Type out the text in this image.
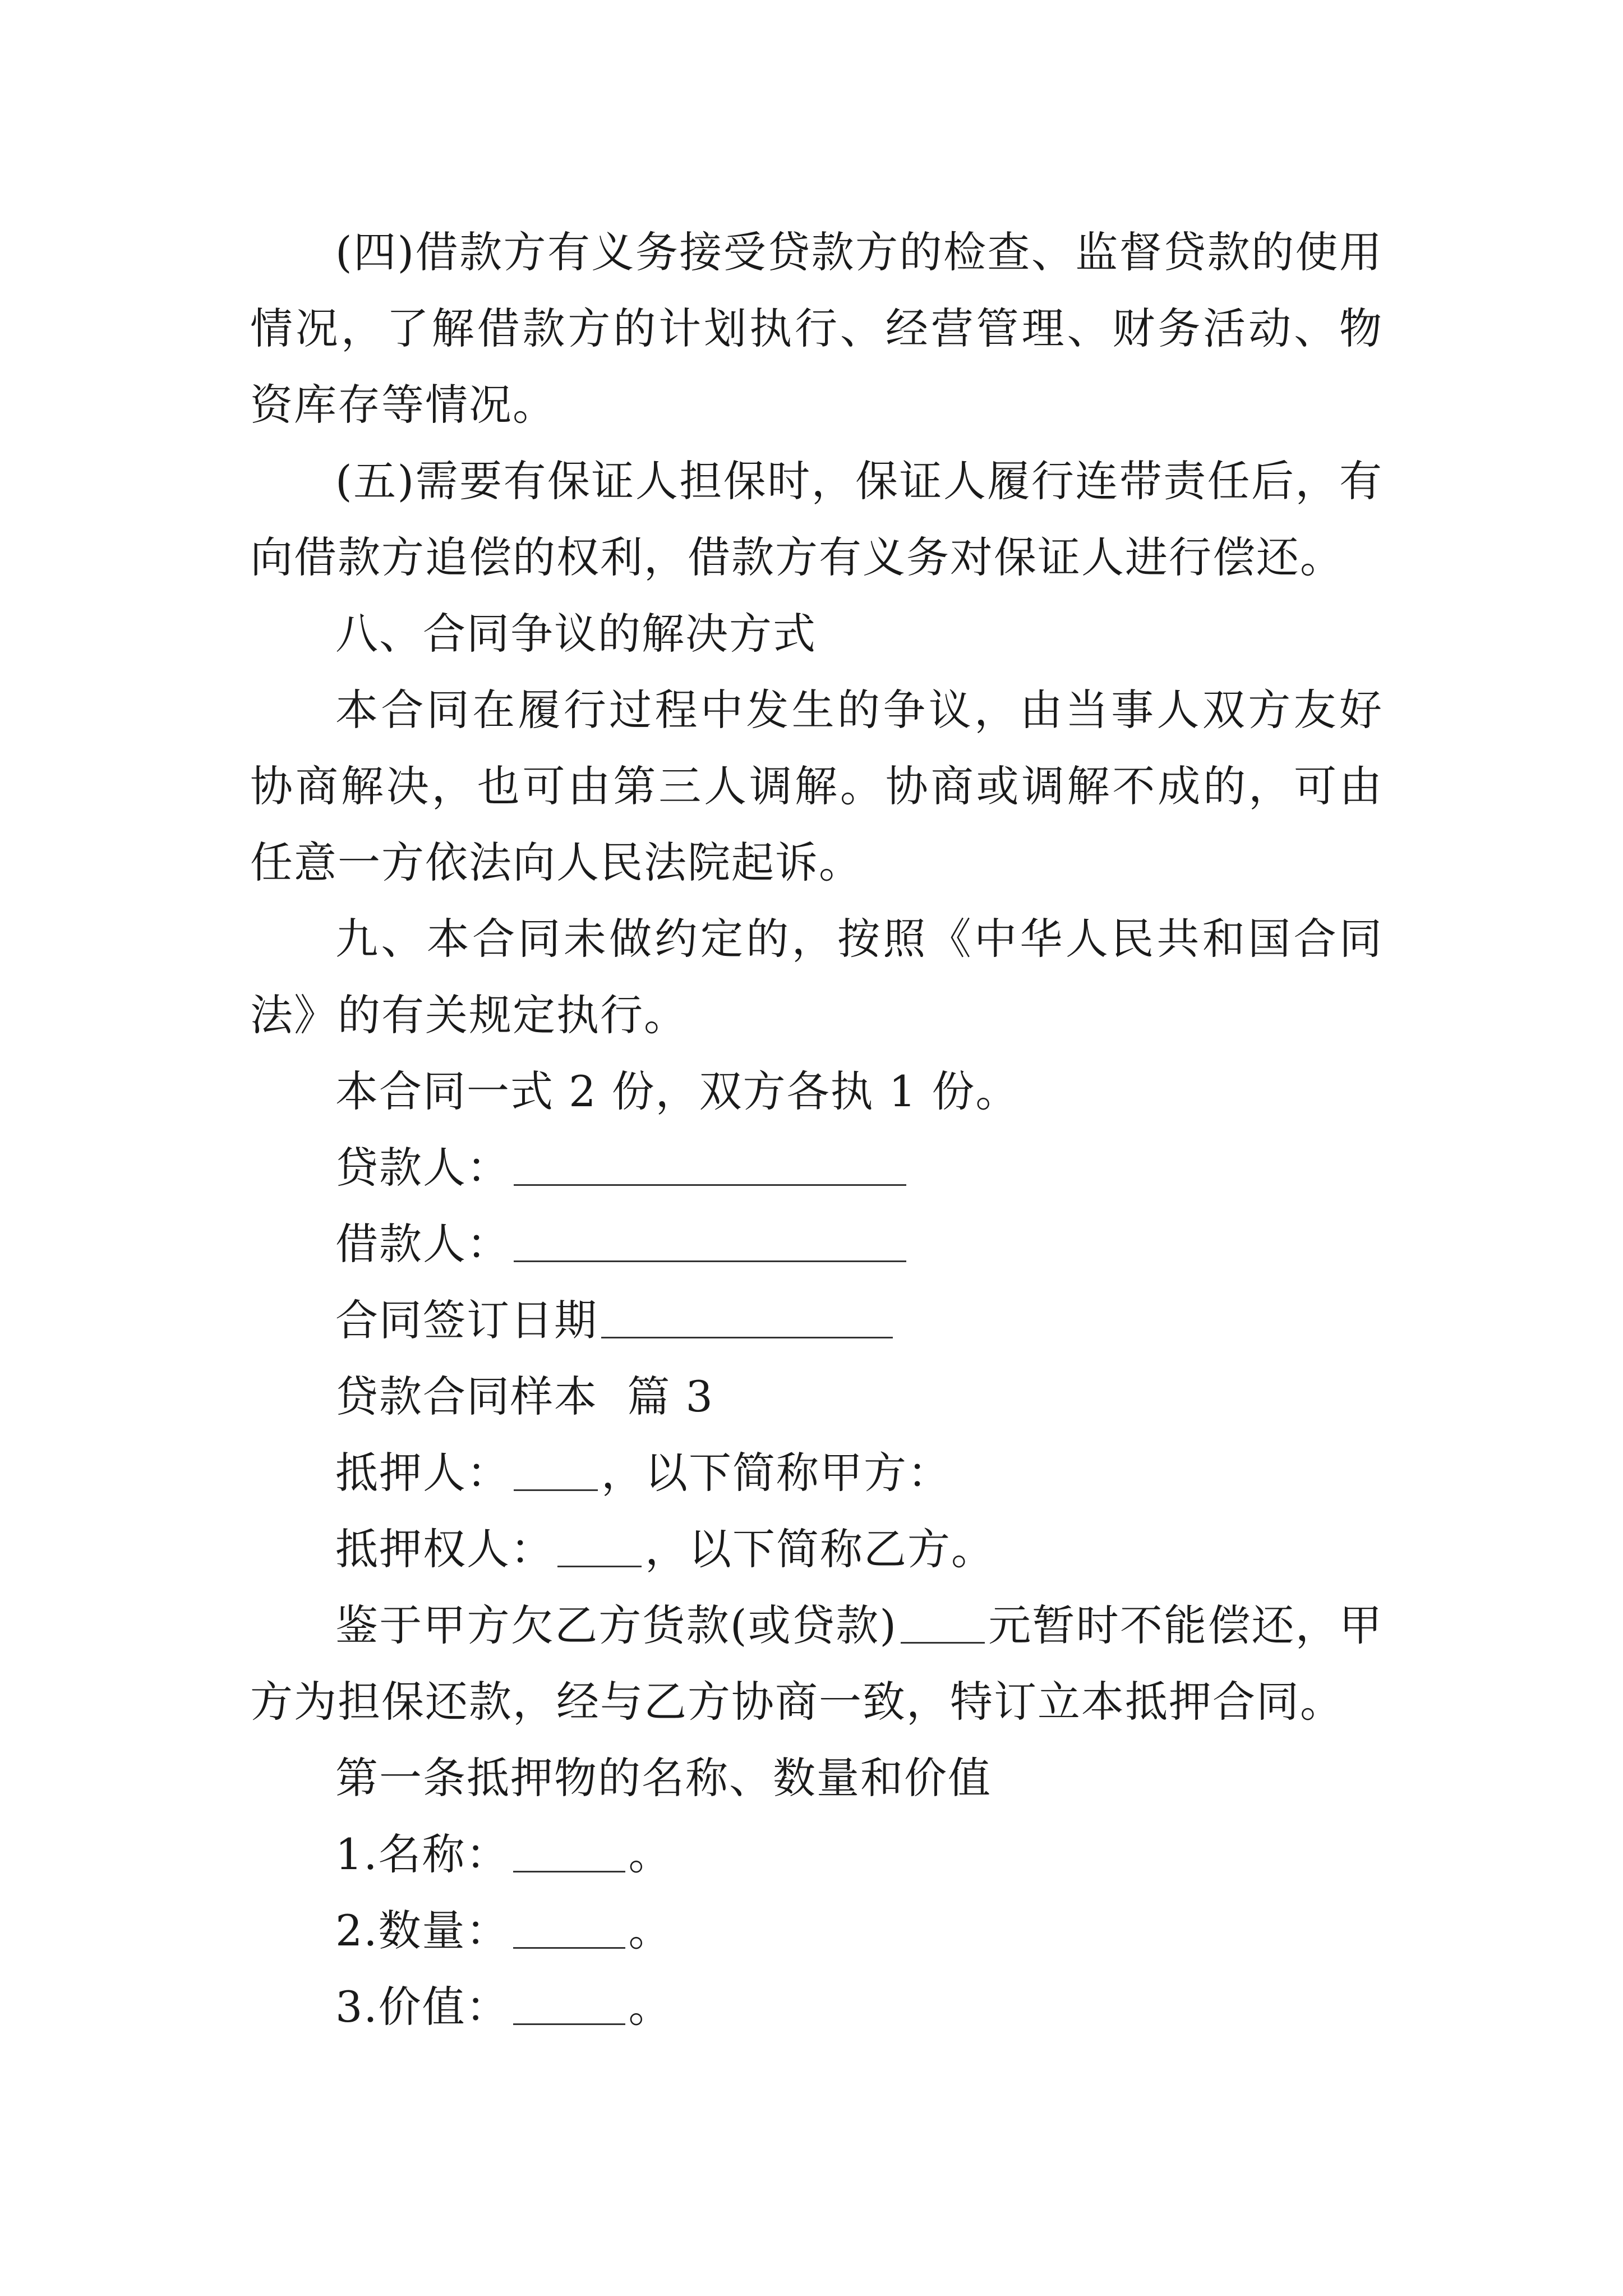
(四)借款方有义务接受贷款方的检查、监督贷款的使用情况，了解借款方的计划执行、经营管理、财务活动、物资库存等情况。

(五)需要有保证人担保时，保证人履行连带责任后，有向借款方追偿的权利，借款方有义务对保证人进行偿还。

八、合同争议的解决方式

本合同在履行过程中发生的争议，由当事人双方友好协商解决，也可由第三人调解。协商或调解不成的，可由任意一方依法向人民法院起诉。

九、本合同未做约定的，按照《中华人民共和国合同法》的有关规定执行。

本合同一式 2 份，双方各执 1 份。

贷款人：
借款人：
合同签订日期
贷款合同样本  篇 3
抵押人： ，以下简称甲方：
抵押权人： ，以下简称乙方。

鉴于甲方欠乙方货款(或贷款) 元暂时不能偿还，甲方为担保还款，经与乙方协商一致，特订立本抵押合同。

第一条抵押物的名称、数量和价值
1.名称：	。
2.数量：	。
3.价值：	。
